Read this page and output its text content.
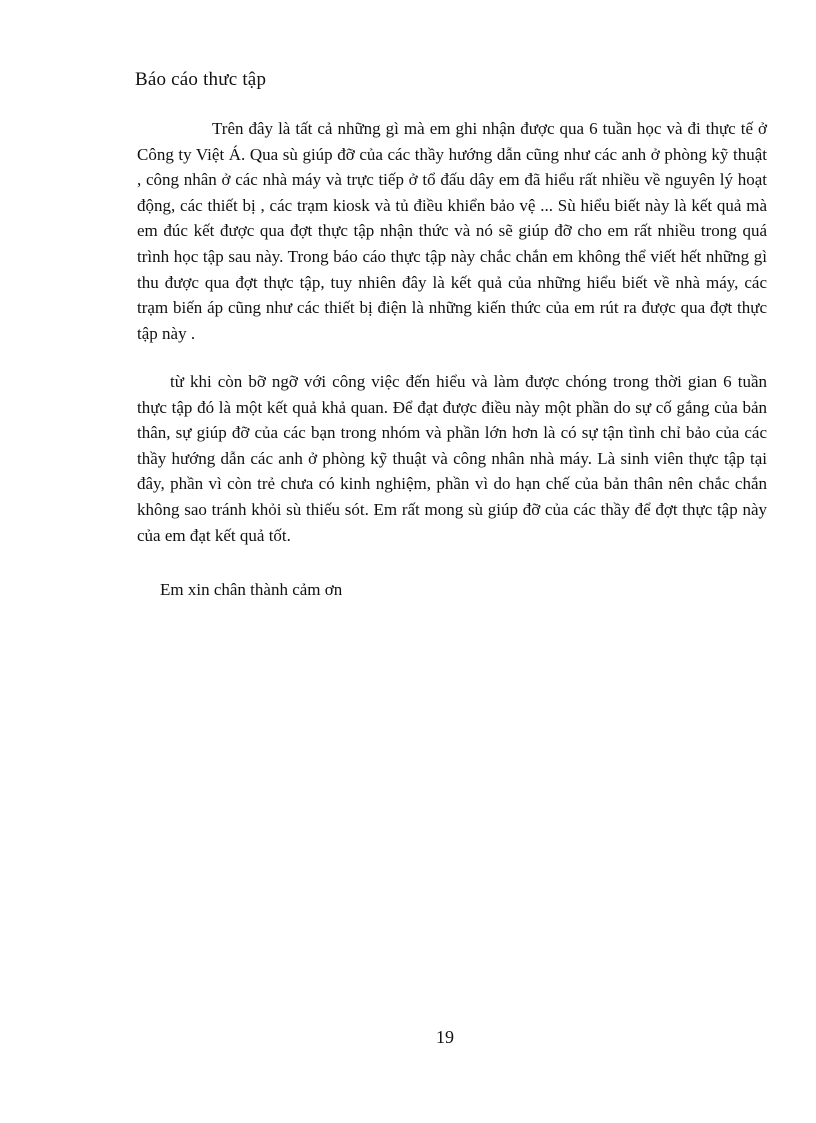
Báo cáo thưc tập

Trên đây là tất cả những gì mà em ghi nhận được qua 6 tuần học và đi thực tế ở Công ty Việt Á. Qua sù giúp đỡ của các thầy hướng dẫn cũng như các anh ở phòng kỹ thuật , công nhân ở các nhà máy và trực tiếp ở tổ đấu dây em đã hiểu rất nhiều về nguyên lý hoạt động, các thiết bị , các trạm kiosk và tủ điều khiển bảo vệ ... Sù hiểu biết này là kết quả mà em đúc kết được qua đợt thực tập nhận thức và nó sẽ giúp đỡ cho em rất nhiều trong quá trình học tập sau này. Trong báo cáo thực tập này chắc chắn em không thể viết hết những gì thu được qua đợt thực tập, tuy nhiên đây là kết quả của những hiểu biết về nhà máy, các trạm biến áp cũng như các thiết bị điện là những kiến thức của em rút ra được qua đợt thực tập này .

từ khi còn bỡ ngỡ với công việc đến hiểu và làm được chóng trong thời gian 6 tuần thực tập đó là một kết quả khả quan. Để đạt được điều này một phần do sự cố gắng của bản thân, sự giúp đỡ của các bạn trong nhóm và phần lớn hơn là có sự tận tình chỉ bảo của các thầy hướng dẫn các anh ở phòng kỹ thuật và công nhân nhà máy. Là sinh viên thực tập tại đây, phần vì còn trẻ chưa có kinh nghiệm, phần vì do hạn chế của bản thân nên chắc chắn không sao tránh khỏi sù thiếu sót. Em rất mong sù giúp đỡ của các thầy để đợt thực tập này của em đạt kết quả tốt.

Em xin chân thành cảm ơn

19
